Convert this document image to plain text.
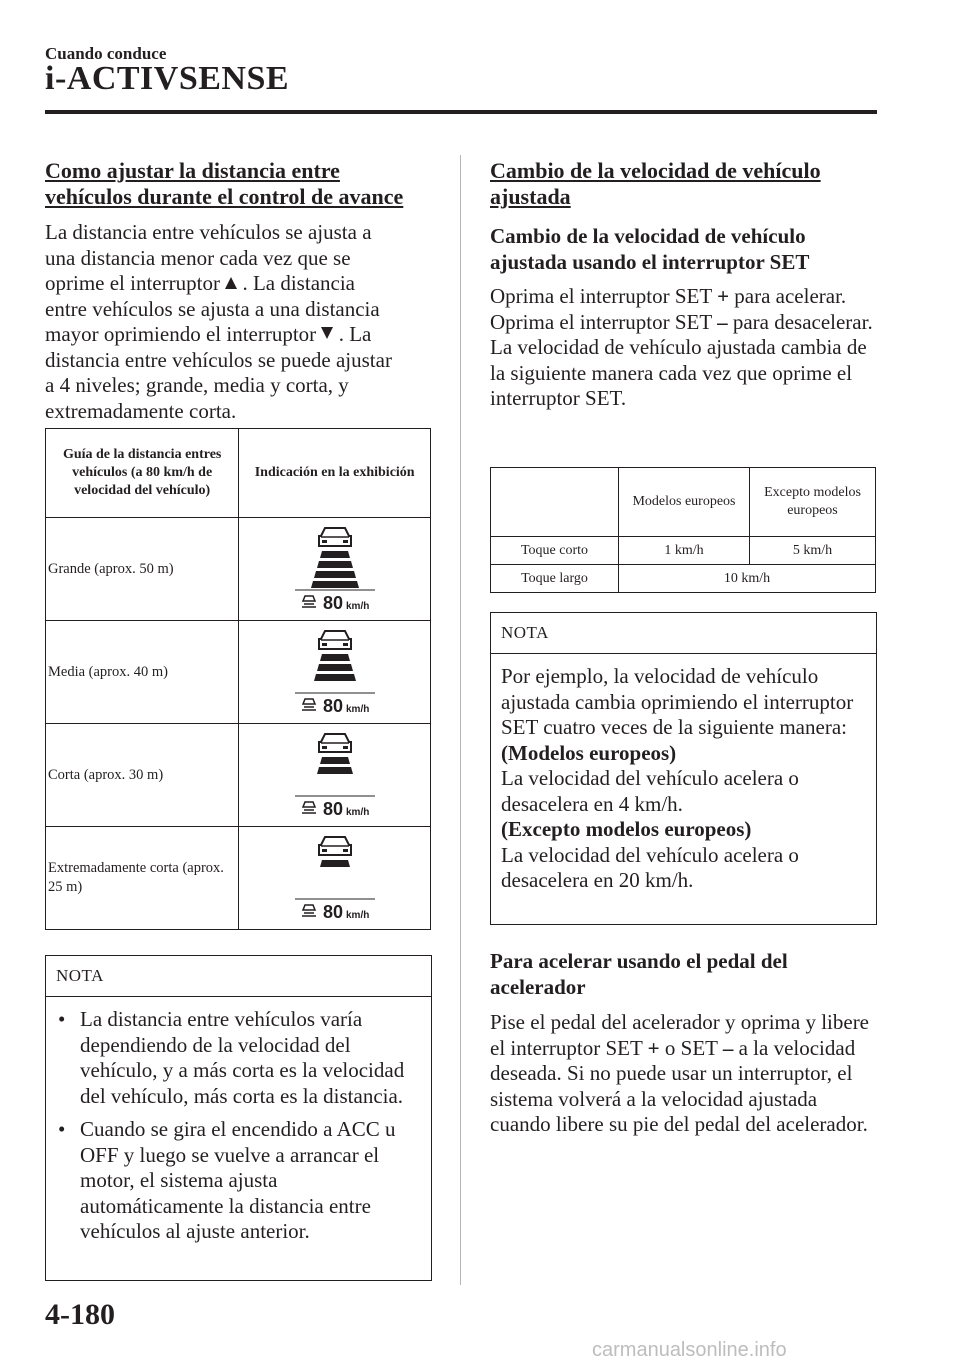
Cuando conduce
i-ACTIVSENSE
Como ajustar la distancia entre vehículos durante el control de avance
La distancia entre vehículos se ajusta a
una distancia menor cada vez que se
oprime el interruptor . La distancia
entre vehículos se ajusta a una distancia
mayor oprimiendo el interruptor . La
distancia entre vehículos se puede ajustar
a 4 niveles; grande, media y corta, y
extremadamente corta.
Guía de la distancia entres vehículos (a 80 km/h de velocidad del vehículo)	Indicación en la exhibición
Grande (aprox. 50 m)	80 km/h

Media (aprox. 40 m)	80 km/h

Corta (aprox. 30 m)	80 km/h

Extremadamente corta (aprox. 25 m)	80 km/h
NOTA
• La distancia entre vehículos varía dependiendo de la velocidad del vehículo, y a más corta es la velocidad del vehículo, más corta es la distancia.
• Cuando se gira el encendido a ACC u OFF y luego se vuelve a arrancar el motor, el sistema ajusta automáticamente la distancia entre vehículos al ajuste anterior.
Cambio de la velocidad de vehículo ajustada
Cambio de la velocidad de vehículo ajustada usando el interruptor SET
Oprima el interruptor SET + para acelerar.
Oprima el interruptor SET – para desacelerar.
La velocidad de vehículo ajustada cambia de la siguiente manera cada vez que oprime el interruptor SET.
	Modelos europeos	Excepto modelos europeos
Toque corto	1 km/h	5 km/h
Toque largo	10 km/h	
NOTA
Por ejemplo, la velocidad de vehículo ajustada cambia oprimiendo el interruptor SET cuatro veces de la siguiente manera:
(Modelos europeos)
La velocidad del vehículo acelera o desacelera en 4 km/h.
(Excepto modelos europeos)
La velocidad del vehículo acelera o desacelera en 20 km/h.
Para acelerar usando el pedal del acelerador
Pise el pedal del acelerador y oprima y libere el interruptor SET + o SET – a la velocidad deseada. Si no puede usar un interruptor, el sistema volverá a la velocidad ajustada cuando libere su pie del pedal del acelerador.
4-180
carmanualsonline.info
